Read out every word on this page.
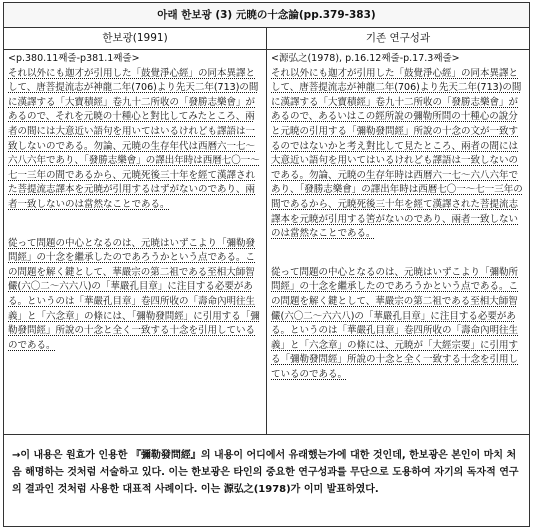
아래 한보광 (3) 元暁の十念論(pp.379-383)
한보광(1991)	기존 연구성과
<p.380.11째줄-p381.1째줄>
それ以外にも迦才が引用した「鼓覺淨心經」の同本異譯として、唐菩提流志が神龍二年(706)より先天二年(713)の間に漢譯する「大寶積經」卷九十二所收の「發勝志樂會」があるので、それを元暁の十種心と對比してみたところ、兩者の間には大意近い語句を用いてはいるけれども譯語は一致しないのである。勿論、元暁の生存年代は西暦六一七〜六八六年であり、「發勝志樂會」の譯出年時は西暦七〇一〜七一三年の間であるから、元暁死後三十年を經て漢譯された菩提流志譯本を元暁が引用するはずがないのであり、兩者一致しないのは當然なことである。
從って問題の中心となるのは、元暁はいずこより「彌勒發問經」の十念を繼承したのであろうかという点である。この問題を解く鍵として、華嚴宗の第二祖である至相大師智儼(六〇二〜六六八)の「華嚴孔目章」に注目する必要がある。というのは「華嚴孔目章」卷四所收の「壽命內明往生義」と「六念章」の條には、「彌勒發問經」に引用する「彌勒發問經」所說の十念と全く一致する十念を引用しているのである。
<源弘之(1978), p.16.12째줄-p.17.3째줄>
それ以外にも迦才が引用した「鼓覺淨心經」の同本異譯として、唐菩提流志が神龍二年(706)より先天二年(713)の間に漢譯する「大寶積經」卷九十二所收の「發勝志樂會」があるので、あるいはこの經所說の彌勒所問の十種心の說分と元暁の引用する「彌勒發問經」所說の十念の文が一致するのではないかと考え對比して見たところ、兩者の間には大意近い語句を用いてはいるけれども譯語は一致しないのである。勿論、元暁の生存年時は西暦六一七〜六八六年であり、「發勝志樂會」の譯出年時は西暦七〇一〜七一三年の間であるから、元暁死後三十年を經て漢譯された菩提流志譯本を元暁が引用する筈がないのであり、兩者一致しないのは當然なことである。
從って問題の中心となるのは、元暁はいずこより「彌勒所問經」の十念を繼承したのであろうかという点である。この問題を解く鍵として、華嚴宗の第二祖である至相大師智儼(六〇二〜六六八)の「華嚴孔目章」に注目する必要がある。というのは「華嚴孔目章」卷四所收の「壽命內明往生義」と「六念章」の條には、元暁が「大經宗要」に引用する「彌勒發問經」所說の十念と全く一致する十念を引用しているのである。
→이 내용은 원효가 인용한 『彌勒發問經』의 내용이 어디에서 유래했는가에 대한 것인데, 한보광은 본인이 마치 처음 해명하는 것처럼 서술하고 있다. 이는 한보광은 타인의 중요한 연구성과를 무단으로 도용하여 자기의 독자적 연구의 결과인 것처럼 사용한 대표적 사례이다. 이는 源弘之(1978)가 이미 발표하였다.
